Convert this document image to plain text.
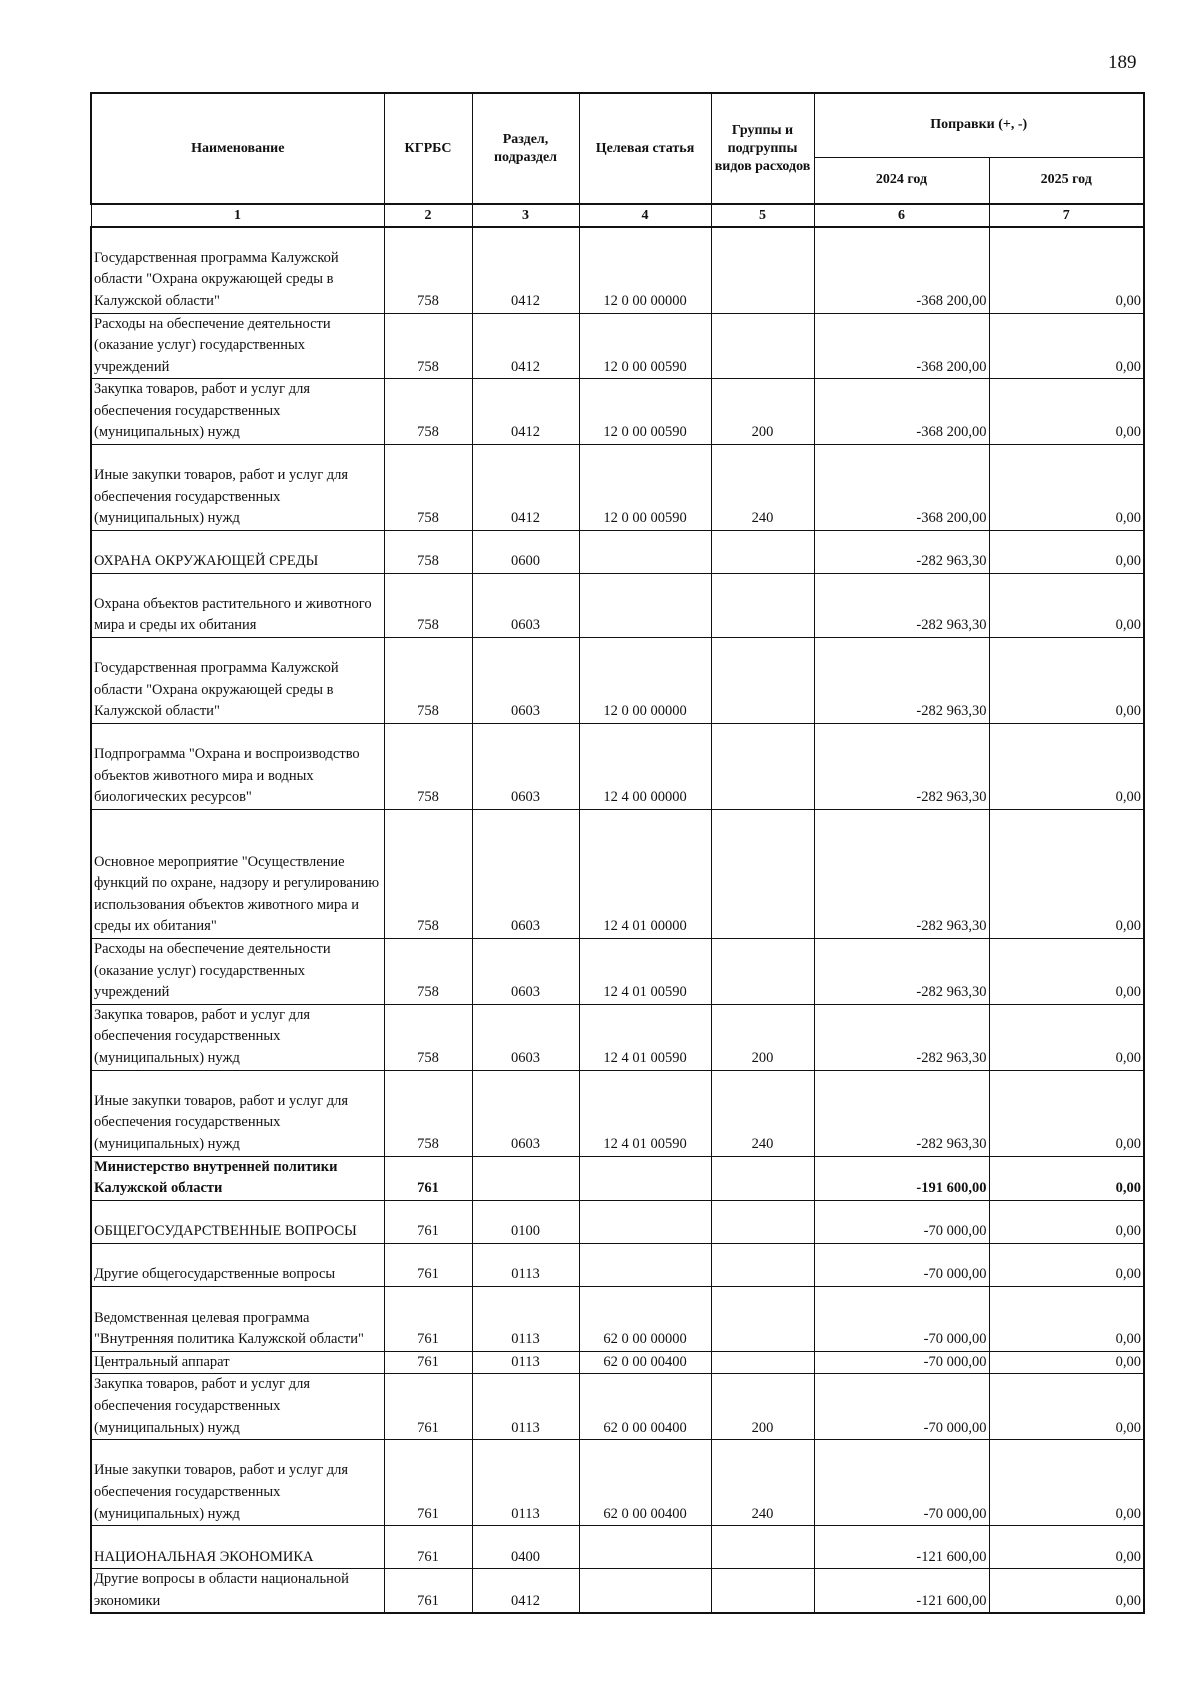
189
Наименование	КГРБС	Раздел, подраздел	Целевая статья	Группы и подгруппы видов расходов	Поправки (+, -)	
					2024 год	2025 год
1	2	3	4	5	6	7
Государственная программа Калужской области "Охрана окружающей среды в Калужской области"	758	0412	12 0 00 00000		-368 200,00	0,00
Расходы на обеспечение деятельности (оказание услуг) государственных учреждений	758	0412	12 0 00 00590		-368 200,00	0,00
Закупка товаров, работ и услуг для обеспечения государственных (муниципальных) нужд	758	0412	12 0 00 00590	200	-368 200,00	0,00
Иные закупки товаров, работ и услуг для обеспечения государственных (муниципальных) нужд	758	0412	12 0 00 00590	240	-368 200,00	0,00
ОХРАНА ОКРУЖАЮЩЕЙ СРЕДЫ	758	0600			-282 963,30	0,00
Охрана объектов растительного и животного мира и среды их обитания	758	0603			-282 963,30	0,00
Государственная программа Калужской области "Охрана окружающей среды в Калужской области"	758	0603	12 0 00 00000		-282 963,30	0,00
Подпрограмма "Охрана и воспроизводство объектов животного мира и водных биологических ресурсов"	758	0603	12 4 00 00000		-282 963,30	0,00
Основное мероприятие "Осуществление функций по охране, надзору и регулированию использования объектов животного мира и среды их обитания"	758	0603	12 4 01 00000		-282 963,30	0,00
Расходы на обеспечение деятельности (оказание услуг) государственных учреждений	758	0603	12 4 01 00590		-282 963,30	0,00
Закупка товаров, работ и услуг для обеспечения государственных (муниципальных) нужд	758	0603	12 4 01 00590	200	-282 963,30	0,00
Иные закупки товаров, работ и услуг для обеспечения государственных (муниципальных) нужд	758	0603	12 4 01 00590	240	-282 963,30	0,00
Министерство внутренней политики Калужской области	761				-191 600,00	0,00
ОБЩЕГОСУДАРСТВЕННЫЕ ВОПРОСЫ	761	0100			-70 000,00	0,00
Другие общегосударственные вопросы	761	0113			-70 000,00	0,00
Ведомственная целевая программа "Внутренняя политика Калужской области"	761	0113	62 0 00 00000		-70 000,00	0,00
Центральный аппарат	761	0113	62 0 00 00400		-70 000,00	0,00
Закупка товаров, работ и услуг для обеспечения государственных (муниципальных) нужд	761	0113	62 0 00 00400	200	-70 000,00	0,00
Иные закупки товаров, работ и услуг для обеспечения государственных (муниципальных) нужд	761	0113	62 0 00 00400	240	-70 000,00	0,00
НАЦИОНАЛЬНАЯ ЭКОНОМИКА	761	0400			-121 600,00	0,00
Другие вопросы в области национальной экономики	761	0412			-121 600,00	0,00
